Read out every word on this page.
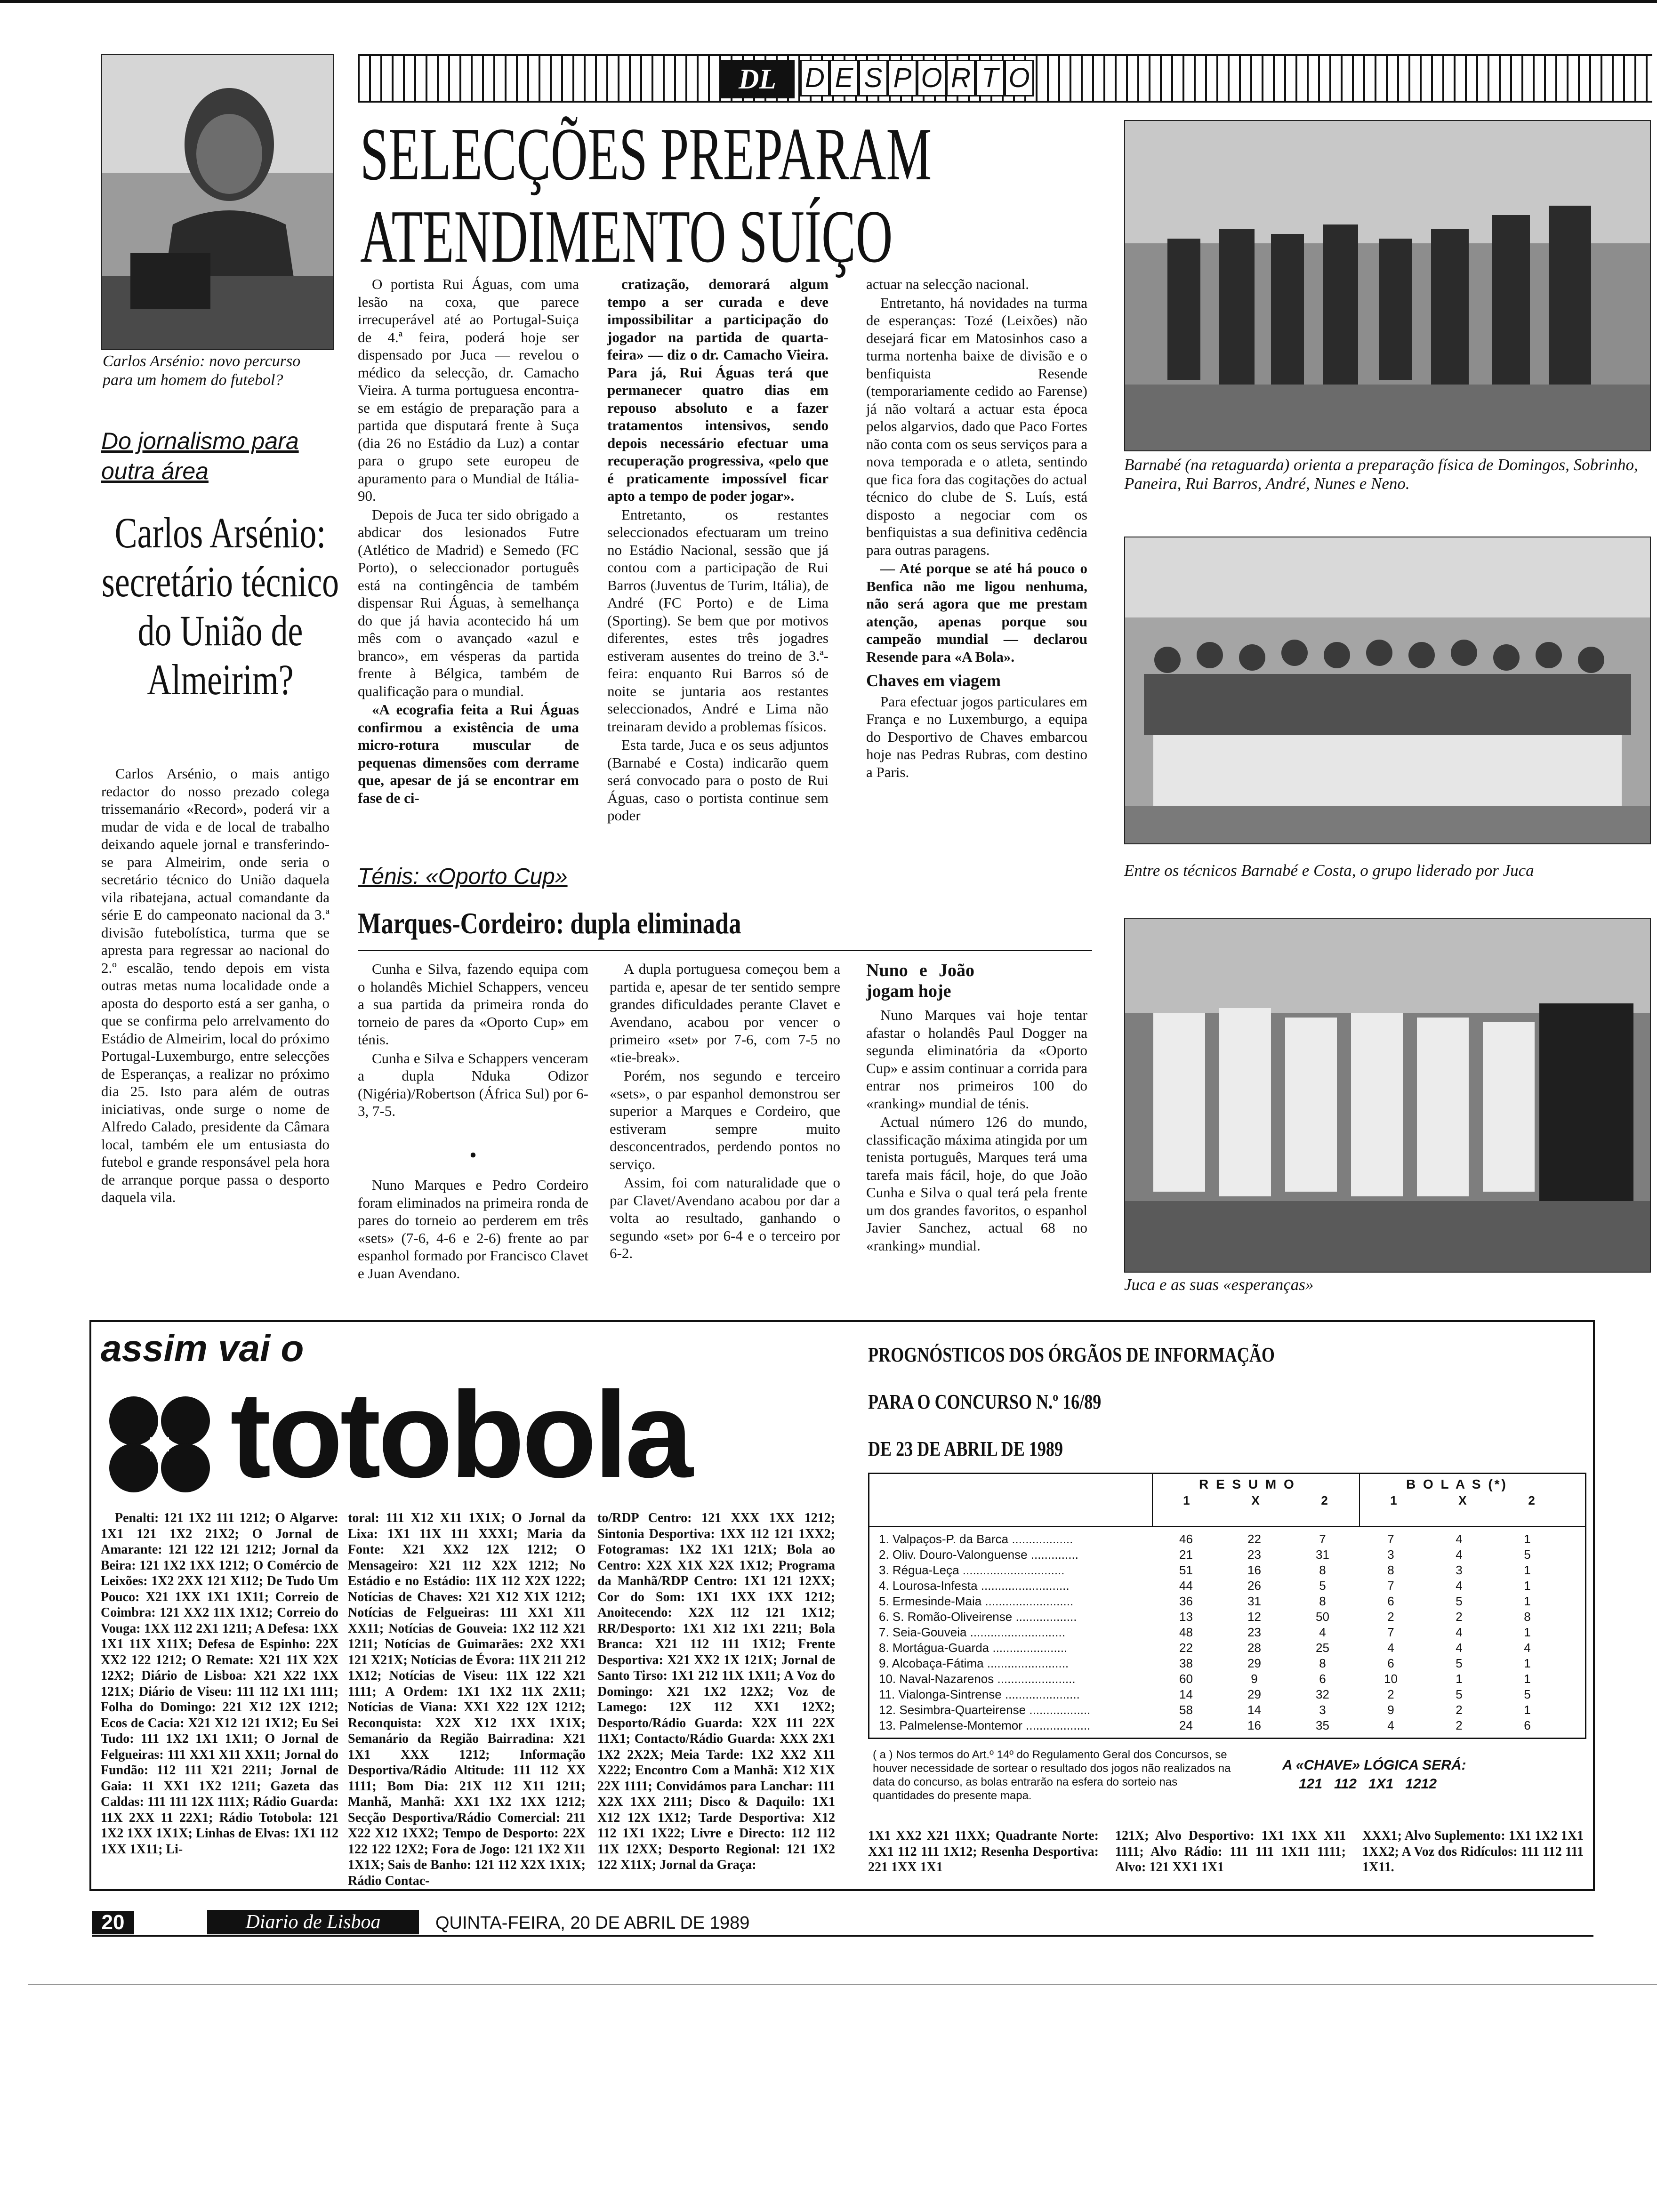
Carlos Arsénio: novo percurso para um homem do futebol?
Do jornalismo para outra área
Carlos Arsénio: secretário técnico do União de Almeirim?

Carlos Arsénio, o mais antigo redactor do nosso prezado colega trissemanário «Record», poderá vir a mudar de vida e de local de trabalho deixando aquele jornal e transferindo-se para Almeirim, onde seria o secretário técnico do União daquela vila ribatejana, actual comandante da série E do campeonato nacional da 3.ª divisão futebolística, turma que se apresta para regressar ao nacional do 2.º escalão, tendo depois em vista outras metas numa localidade onde a aposta do desporto está a ser ganha, o que se confirma pelo arrelvamento do Estádio de Almeirim, local do próximo Portugal-Luxemburgo, entre selecções de Esperanças, a realizar no próximo dia 25. Isto para além de outras iniciativas, onde surge o nome de Alfredo Calado, presidente da Câmara local, também ele um entusiasta do futebol e grande responsável pela hora de arranque porque passa o desporto daquela vila.

DL D E S P O R T O
SELECÇÕES PREPARAM
ATENDIMENTO SUÍÇO

O portista Rui Águas, com uma lesão na coxa, que parece irrecuperável até ao Portugal-Suiça de 4.ª feira, poderá hoje ser dispensado por Juca — revelou o médico da selecção, dr. Camacho Vieira. A turma portuguesa encontra-se em estágio de preparação para a partida que disputará frente à Suça (dia 26 no Estádio da Luz) a contar para o grupo sete europeu de apuramento para o Mundial de Itália-90.

Depois de Juca ter sido obrigado a abdicar dos lesionados Futre (Atlético de Madrid) e Semedo (FC Porto), o seleccionador português está na contingência de também dispensar Rui Águas, à semelhança do que já havia acontecido há um mês com o avançado «azul e branco», em vésperas da partida frente à Bélgica, também de qualificação para o mundial.

«A ecografia feita a Rui Águas confirmou a existência de uma micro-rotura muscular de pequenas dimensões com derrame que, apesar de já se encontrar em fase de ci-

cratização, demorará algum tempo a ser curada e deve impossibilitar a participação do jogador na partida de quarta-feira» — diz o dr. Camacho Vieira. Para já, Rui Águas terá que permanecer quatro dias em repouso absoluto e a fazer tratamentos intensivos, sendo depois necessário efectuar uma recuperação progressiva, «pelo que é praticamente impossível ficar apto a tempo de poder jogar».

Entretanto, os restantes seleccionados efectuaram um treino no Estádio Nacional, sessão que já contou com a participação de Rui Barros (Juventus de Turim, Itália), de André (FC Porto) e de Lima (Sporting). Se bem que por motivos diferentes, estes três jogadres estiveram ausentes do treino de 3.ª-feira: enquanto Rui Barros só de noite se juntaria aos restantes seleccionados, André e Lima não treinaram devido a problemas físicos.

Esta tarde, Juca e os seus adjuntos (Barnabé e Costa) indicarão quem será convocado para o posto de Rui Águas, caso o portista continue sem poder

actuar na selecção nacional.

Entretanto, há novidades na turma de esperanças: Tozé (Leixões) não desejará ficar em Matosinhos caso a turma nortenha baixe de divisão e o benfiquista Resende (temporariamente cedido ao Farense) já não voltará a actuar esta época pelos algarvios, dado que Paco Fortes não conta com os seus serviços para a nova temporada e o atleta, sentindo que fica fora das cogitações do actual técnico do clube de S. Luís, está disposto a negociar com os benfiquistas a sua definitiva cedência para outras paragens.

— Até porque se até há pouco o Benfica não me ligou nenhuma, não será agora que me prestam atenção, apenas porque sou campeão mundial — declarou Resende para «A Bola».

Chaves em viagem

Para efectuar jogos particulares em França e no Luxemburgo, a equipa do Desportivo de Chaves embarcou hoje nas Pedras Rubras, com destino a Paris.

Barnabé (na retaguarda) orienta a preparação física de Domingos, Sobrinho, Paneira, Rui Barros, André, Nunes e Neno.
Entre os técnicos Barnabé e Costa, o grupo liderado por Juca
Juca e as suas «esperanças»
Ténis: «Oporto Cup»
Marques-Cordeiro: dupla eliminada

Cunha e Silva, fazendo equipa com o holandês Michiel Schappers, venceu a sua partida da primeira ronda do torneio de pares da «Oporto Cup» em ténis.

Cunha e Silva e Schappers venceram a dupla Nduka Odizor (Nigéria)/Robertson (África Sul) por 6-3, 7-5.

•

Nuno Marques e Pedro Cordeiro foram eliminados na primeira ronda de pares do torneio ao perderem em três «sets» (7-6, 4-6 e 2-6) frente ao par espanhol formado por Francisco Clavet e Juan Avendano.

A dupla portuguesa começou bem a partida e, apesar de ter sentido sempre grandes dificuldades perante Clavet e Avendano, acabou por vencer o primeiro «set» por 7-6, com 7-5 no «tie-break».

Porém, nos segundo e terceiro «sets», o par espanhol demonstrou ser superior a Marques e Cordeiro, que estiveram sempre muito desconcentrados, perdendo pontos no serviço.

Assim, foi com naturalidade que o par Clavet/Avendano acabou por dar a volta ao resultado, ganhando o segundo «set» por 6-4 e o terceiro por 6-2.

Nuno e João jogam hoje

Nuno Marques vai hoje tentar afastar o holandês Paul Dogger na segunda eliminatória da «Oporto Cup» e assim continuar a corrida para entrar nos primeiros 100 do «ranking» mundial de ténis.

Actual número 126 do mundo, classificação máxima atingida por um tenista português, Marques terá uma tarefa mais fácil, hoje, do que João Cunha e Silva o qual terá pela frente um dos grandes favoritos, o espanhol Javier Sanchez, actual 68 no «ranking» mundial.

assim vai o
totobola

Penalti: 121 1X2 111 1212; O Algarve: 1X1 121 1X2 21X2; O Jornal de Amarante: 121 122 121 1212; Jornal da Beira: 121 1X2 1XX 1212; O Comércio de Leixões: 1X2 2XX 121 X112; De Tudo Um Pouco: X21 1XX 1X1 1X11; Correio de Coimbra: 121 XX2 11X 1X12; Correio do Vouga: 1XX 112 2X1 1211; A Defesa: 1XX 1X1 11X X11X; Defesa de Espinho: 22X XX2 122 1212; O Remate: X21 11X X2X 12X2; Diário de Lisboa: X21 X22 1XX 121X; Diário de Viseu: 111 112 1X1 1111; Folha do Domingo: 221 X12 12X 1212; Ecos de Cacia: X21 X12 121 1X12; Eu Sei Tudo: 111 1X2 1X1 1X11; O Jornal de Felgueiras: 111 XX1 X11 XX11; Jornal do Fundão: 112 111 X21 2211; Jornal de Gaia: 11 XX1 1X2 1211; Gazeta das Caldas: 111 111 12X 111X; Rádio Guarda: 11X 2XX 11 22X1; Rádio Totobola: 121 1X2 1XX 1X1X; Linhas de Elvas: 1X1 112 1XX 1X11; Li-

toral: 111 X12 X11 1X1X; O Jornal da Lixa: 1X1 11X 111 XXX1; Maria da Fonte: X21 XX2 12X 1212; O Mensageiro: X21 112 X2X 1212; No Estádio e no Estádio: 11X 112 X2X 1222; Notícias de Chaves: X21 X12 X1X 1212; Notícias de Felgueiras: 111 XX1 X11 XX11; Notícias de Gouveia: 1X2 112 X21 1211; Notícias de Guimarães: 2X2 XX1 121 X21X; Notícias de Évora: 11X 211 212 1X12; Notícias de Viseu: 11X 122 X21 1111; A Ordem: 1X1 1X2 11X 2X11; Notícias de Viana: XX1 X22 12X 1212; Reconquista: X2X X12 1XX 1X1X; Semanário da Região Bairradina: X21 1X1 XXX 1212; Informação Desportiva/Rádio Altitude: 111 112 XX 1111; Bom Dia: 21X 112 X11 1211; Manhã, Manhã: XX1 1X2 1XX 1212; Secção Desportiva/Rádio Comercial: 211 X22 X12 1XX2; Tempo de Desporto: 22X 122 122 12X2; Fora de Jogo: 121 1X2 X11 1X1X; Sais de Banho: 121 112 X2X 1X1X; Rádio Contac-

to/RDP Centro: 121 XXX 1XX 1212; Sintonia Desportiva: 1XX 112 121 1XX2; Fotogramas: 1X2 1X1 121X; Bola ao Centro: X2X X1X X2X 1X12; Programa da Manhã/RDP Centro: 1X1 121 12XX; Cor do Som: 1X1 1XX 1XX 1212; Anoitecendo: X2X 112 121 1X12; RR/Desporto: 1X1 X12 1X1 2211; Bola Branca: X21 112 111 1X12; Frente Desportiva: X21 XX2 1X 121X; Jornal de Santo Tirso: 1X1 212 11X 1X11; A Voz do Domingo: X21 1X2 12X2; Voz de Lamego: 12X 112 XX1 12X2; Desporto/Rádio Guarda: X2X 111 22X 11X1; Contacto/Rádio Guarda: XXX 2X1 1X2 2X2X; Meia Tarde: 1X2 XX2 X11 X222; Encontro Com a Manhã: X12 X1X 22X 1111; Convidámos para Lanchar: 111 X2X 1XX 2111; Disco & Daquilo: 1X1 X12 12X 1X12; Tarde Desportiva: X12 112 1X1 1X22; Livre e Directo: 112 112 11X 12XX; Desporto Regional: 121 1X2 122 X11X; Jornal da Graça:

PROGNÓSTICOS DOS ÓRGÃOS DE INFORMAÇÃO
PARA O CONCURSO N.º 16/89
DE 23 DE ABRIL DE 1989
R E S U M O	B O L A S (*)
1	X	2	1	X	2
1. Valpaços-P. da Barca ..................	46	22	7	7	4	1
2. Oliv. Douro-Valonguense ..............	21	23	31	3	4	5
3. Régua-Leça ..............................	51	16	8	8	3	1
4. Lourosa-Infesta ..........................	44	26	5	7	4	1
5. Ermesinde-Maia ..........................	36	31	8	6	5	1
6. S. Romão-Oliveirense ..................	13	12	50	2	2	8
7. Seia-Gouveia ............................	48	23	4	7	4	1
8. Mortágua-Guarda ......................	22	28	25	4	4	4
9. Alcobaça-Fátima ........................	38	29	8	6	5	1
10. Naval-Nazarenos .......................	60	9	6	10	1	1
11. Vialonga-Sintrense ......................	14	29	32	2	5	5
12. Sesimbra-Quarteirense ..................	58	14	3	9	2	1
13. Palmelense-Montemor ...................	24	16	35	4	2	6
( a ) Nos termos do Art.º 14º do Regulamento Geral dos Concursos, se houver necessidade de sortear o resultado dos jogos não realizados na data do concurso, as bolas entrarão na esfera do sorteio nas quantidades do presente mapa.
A «CHAVE» LÓGICA SERÁ:
121   112   1X1   1212

1X1 XX2 X21 11XX; Quadrante Norte: XX1 112 111 1X12; Resenha Desportiva: 221 1XX 1X1

121X; Alvo Desportivo: 1X1 1XX X11 1111; Alvo Rádio: 111 111 1X11 1111; Alvo: 121 XX1 1X1

XXX1; Alvo Suplemento: 1X1 1X2 1X1 1XX2; A Voz dos Ridículos: 111 112 111 1X11.

20	Diario de Lisboa	QUINTA-FEIRA, 20 DE ABRIL DE 1989
